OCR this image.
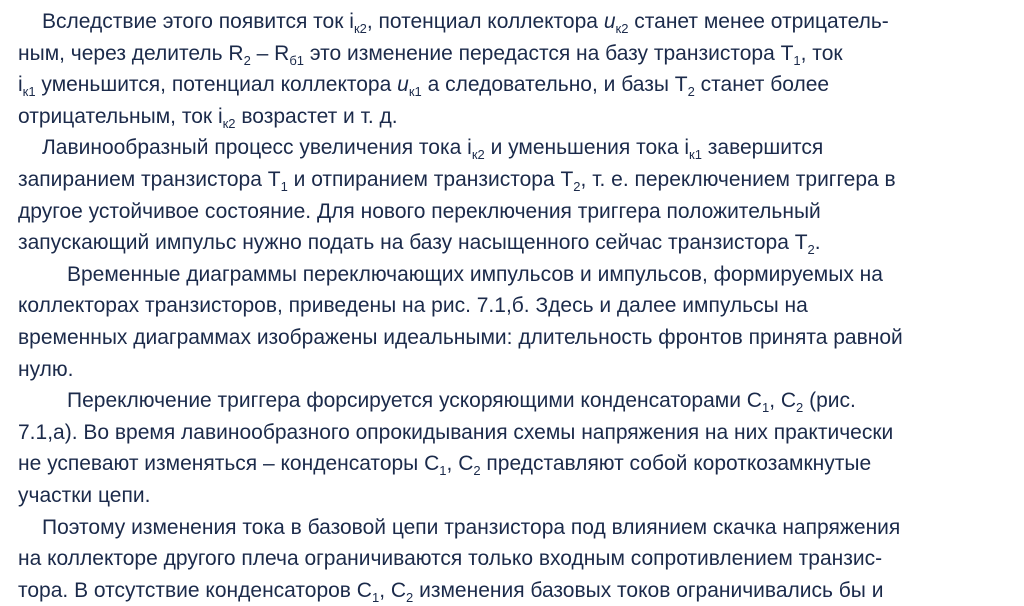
Вследствие этого появится ток $i_{к2}$, потенциал коллектора $u_{к2}$ станет менее отрицатель-
ным, через делитель $R_2 - R_{б1}$ это изменение передастся на базу транзистора $Т_1$, ток
$i_{к1}$ уменьшится, потенциал коллектора $u_{к1}$ а следовательно, и базы $Т_2$ станет более
отрицательным, ток $i_{к2}$ возрастет и т. д.
Лавинообразный процесс увеличения тока $i_{к2}$ и уменьшения тока $i_{к1}$ завершится
запиранием транзистора $Т_1$ и отпиранием транзистора $Т_2$, т. е. переключением триггера в
другое устойчивое состояние. Для нового переключения триггера положительный
запускающий импульс нужно подать на базу насыщенного сейчас транзистора $Т_2$.
Временные диаграммы переключающих импульсов и импульсов, формируемых на
коллекторах транзисторов, приведены на рис. 7.1,б. Здесь и далее импульсы на
временных диаграммах изображены идеальными: длительность фронтов принята равной
нулю.
Переключение триггера форсируется ускоряющими конденсаторами $С_1$, $С_2$ (рис.
7.1,а). Во время лавинообразного опрокидывания схемы напряжения на них практически
не успевают изменяться – конденсаторы $С_1$, $С_2$ представляют собой короткозамкнутые
участки цепи.
Поэтому изменения тока в базовой цепи транзистора под влиянием скачка напряжения
на коллекторе другого плеча ограничиваются только входным сопротивлением транзис-
тора. В отсутствие конденсаторов $С_1$, $С_2$ изменения базовых токов ограничивались бы и
